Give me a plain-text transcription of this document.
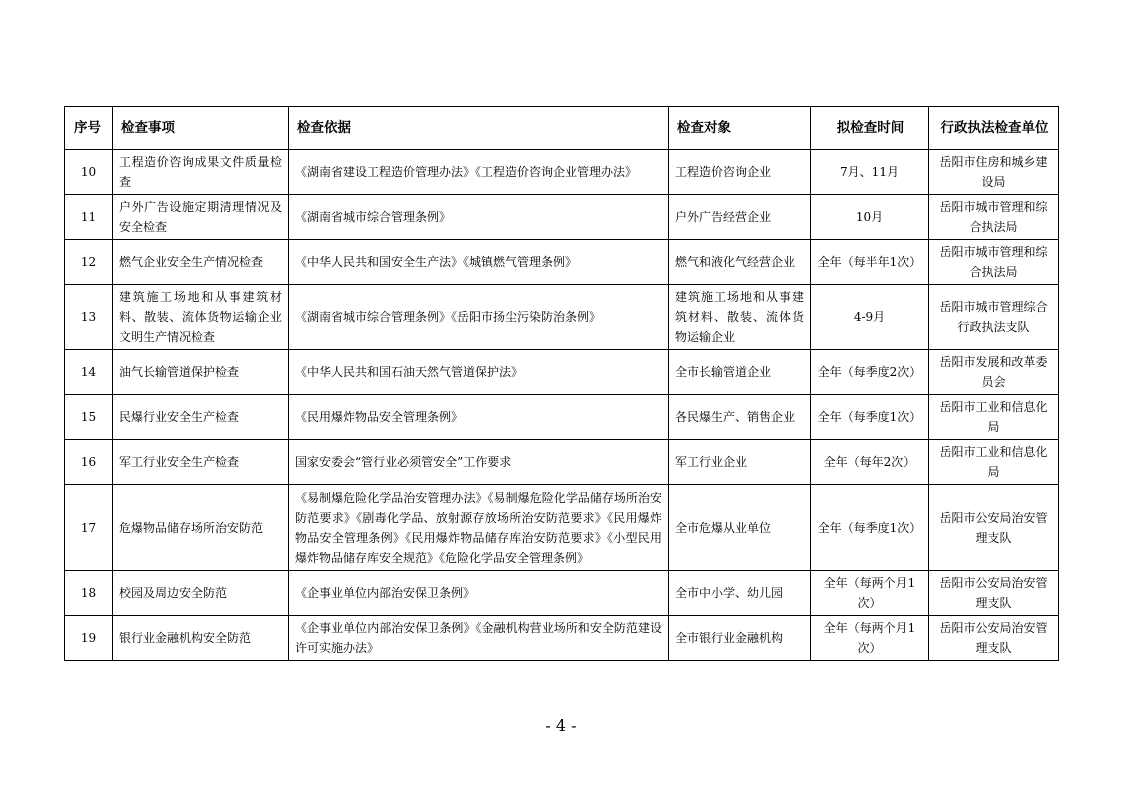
序号	检查事项	检查依据	检查对象	拟检查时间	行政执法检查单位
10	工程造价咨询成果文件质量检查	《湖南省建设工程造价管理办法》《工程造价咨询企业管理办法》	工程造价咨询企业	7月、11月	岳阳市住房和城乡建设局
11	户外广告设施定期清理情况及安全检查	《湖南省城市综合管理条例》	户外广告经营企业	10月	岳阳市城市管理和综合执法局
12	燃气企业安全生产情况检查	《中华人民共和国安全生产法》《城镇燃气管理条例》	燃气和液化气经营企业	全年（每半年1次）	岳阳市城市管理和综合执法局
13	建筑施工场地和从事建筑材料、散装、流体货物运输企业文明生产情况检查	《湖南省城市综合管理条例》《岳阳市扬尘污染防治条例》	建筑施工场地和从事建筑材料、散装、流体货物运输企业	4-9月	岳阳市城市管理综合行政执法支队
14	油气长输管道保护检查	《中华人民共和国石油天然气管道保护法》	全市长输管道企业	全年（每季度2次）	岳阳市发展和改革委员会
15	民爆行业安全生产检查	《民用爆炸物品安全管理条例》	各民爆生产、销售企业	全年（每季度1次）	岳阳市工业和信息化局
16	军工行业安全生产检查	国家安委会“管行业必须管安全”工作要求	军工行业企业	全年（每年2次）	岳阳市工业和信息化局
17	危爆物品储存场所治安防范	《易制爆危险化学品治安管理办法》《易制爆危险化学品储存场所治安防范要求》《剧毒化学品、放射源存放场所治安防范要求》《民用爆炸物品安全管理条例》《民用爆炸物品储存库治安防范要求》《小型民用爆炸物品储存库安全规范》《危险化学品安全管理条例》	全市危爆从业单位	全年（每季度1次）	岳阳市公安局治安管理支队
18	校园及周边安全防范	《企事业单位内部治安保卫条例》	全市中小学、幼儿园	全年（每两个月1次）	岳阳市公安局治安管理支队
19	银行业金融机构安全防范	《企事业单位内部治安保卫条例》《金融机构营业场所和安全防范建设许可实施办法》	全市银行业金融机构	全年（每两个月1次）	岳阳市公安局治安管理支队
- 4 -
